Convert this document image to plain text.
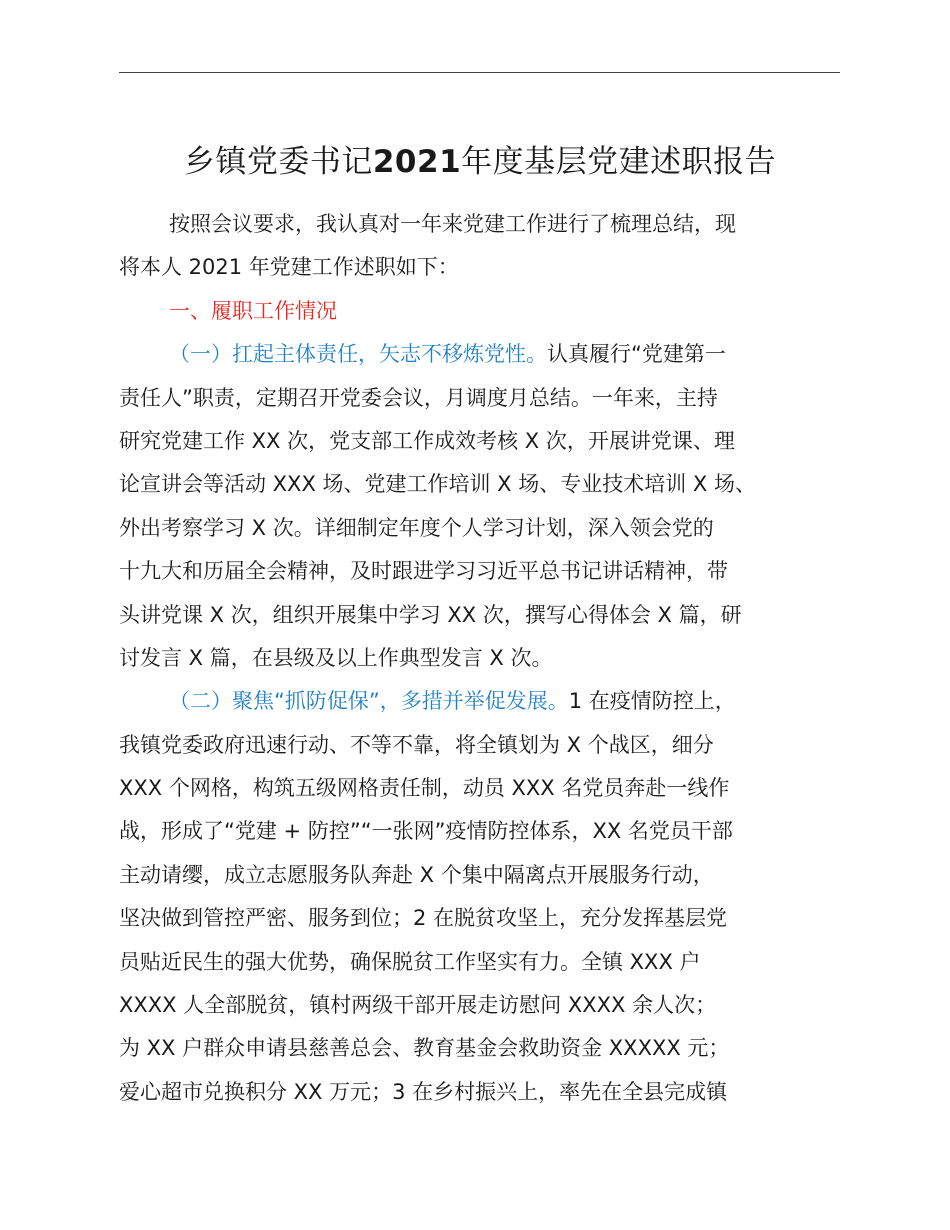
乡镇党委书记2021年度基层党建述职报告
按照会议要求，我认真对一年来党建工作进行了梳理总结，现
将本人 2021 年党建工作述职如下：
一、履职工作情况
（一）扛起主体责任，矢志不移炼党性。认真履行“党建第一
责任人”职责，定期召开党委会议，月调度月总结。一年来，主持
研究党建工作 XX 次，党支部工作成效考核 X 次，开展讲党课、理
论宣讲会等活动 XXX 场、党建工作培训 X 场、专业技术培训 X 场、
外出考察学习 X 次。详细制定年度个人学习计划，深入领会党的
十九大和历届全会精神，及时跟进学习习近平总书记讲话精神，带
头讲党课 X 次，组织开展集中学习 XX 次，撰写心得体会 X 篇，研
讨发言 X 篇，在县级及以上作典型发言 X 次。
（二）聚焦“抓防促保”，多措并举促发展。1 在疫情防控上，
我镇党委政府迅速行动、不等不靠，将全镇划为 X 个战区，细分
XXX 个网格，构筑五级网格责任制，动员 XXX 名党员奔赴一线作
战，形成了“党建 + 防控”“一张网”疫情防控体系，XX 名党员干部
主动请缨，成立志愿服务队奔赴 X 个集中隔离点开展服务行动，
坚决做到管控严密、服务到位；2 在脱贫攻坚上，充分发挥基层党
员贴近民生的强大优势，确保脱贫工作坚实有力。全镇 XXX 户
XXXX 人全部脱贫，镇村两级干部开展走访慰问 XXXX 余人次；
为 XX 户群众申请县慈善总会、教育基金会救助资金 XXXXX 元；
爱心超市兑换积分 XX 万元；3 在乡村振兴上，率先在全县完成镇
